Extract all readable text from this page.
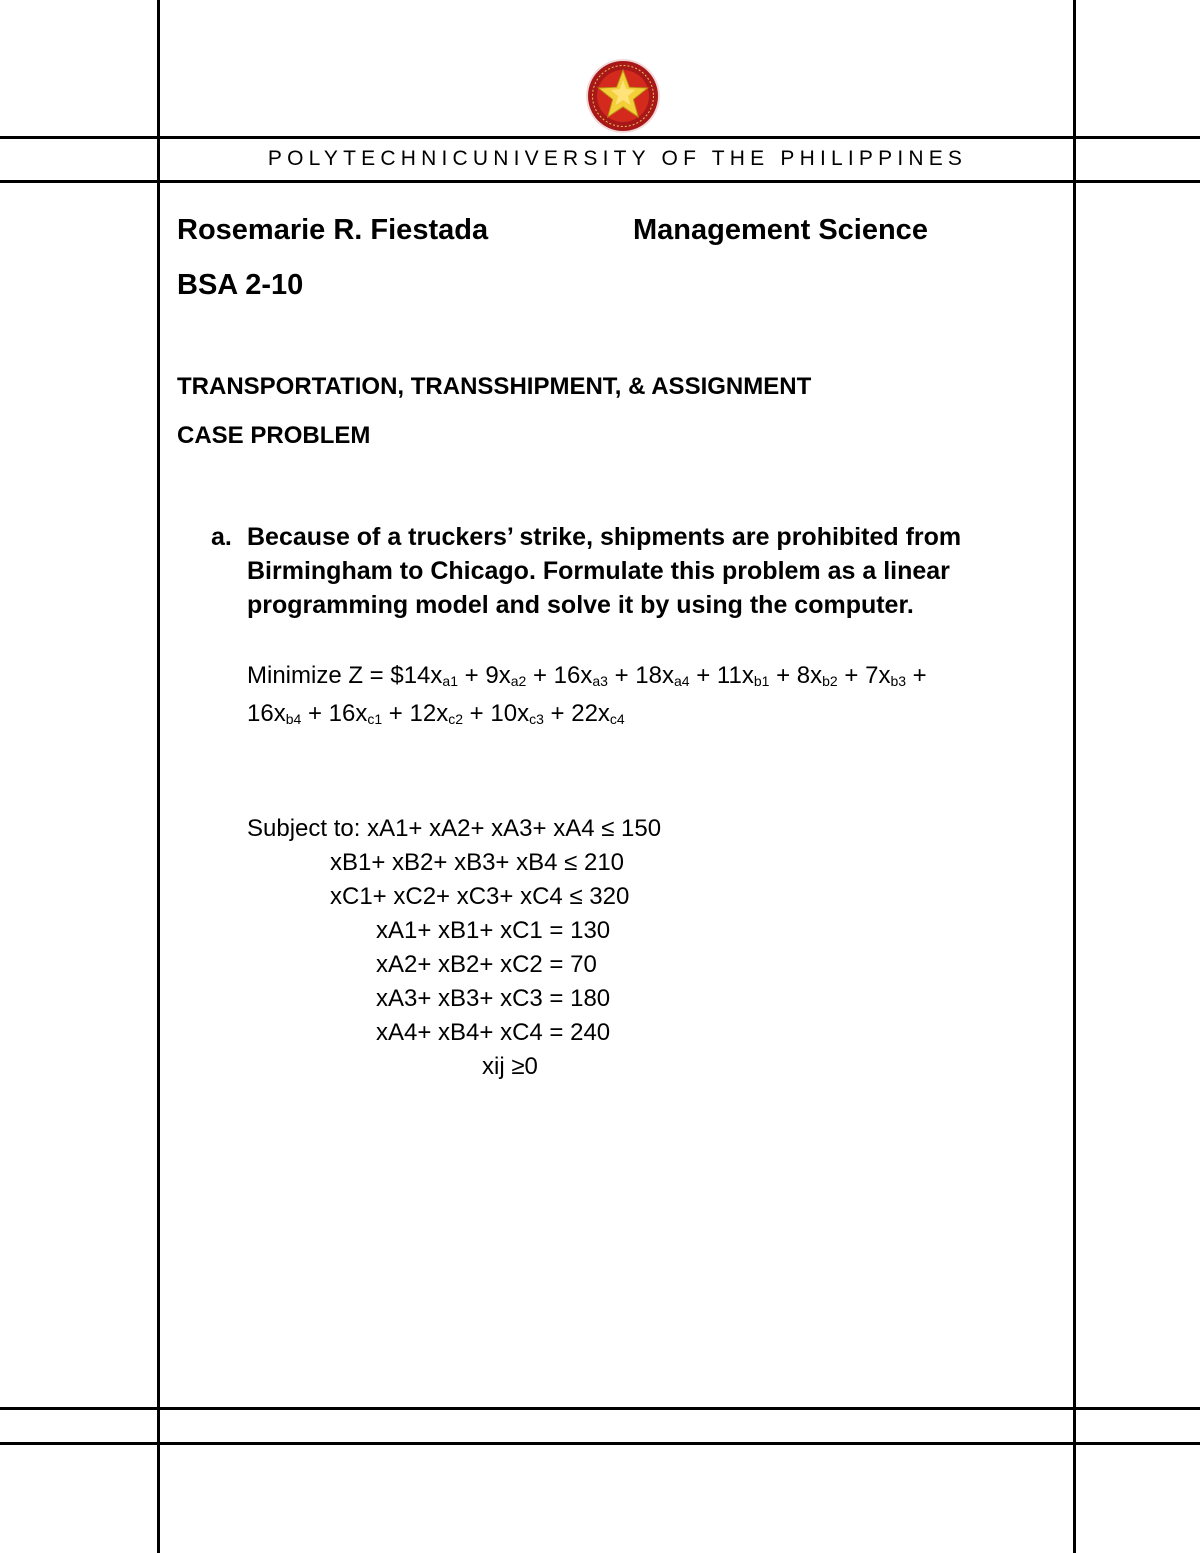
POLYTECHNICUNIVERSITY OF THE PHILIPPINES
Rosemarie R. Fiestada	Management Science
BSA 2-10
TRANSPORTATION, TRANSSHIPMENT, & ASSIGNMENT
CASE PROBLEM
a. Because of a truckers’ strike, shipments are prohibited from
Birmingham to Chicago. Formulate this problem as a linear
programming model and solve it by using the computer.
Minimize $Z = \$14x_{a1} + 9x_{a2} + 16x_{a3} + 18x_{a4} + 11x_{b1} + 8x_{b2} + 7x_{b3}$ +
$16x_{b4} + 16x_{c1} + 12x_{c2} + 10x_{c3} + 22x_{c4}$
Subject to: xA1+ xA2+ xA3+ xA4 ≤ 150
xB1+ xB2+ xB3+ xB4 ≤ 210
xC1+ xC2+ xC3+ xC4 ≤ 320
xA1+ xB1+ xC1 = 130
xA2+ xB2+ xC2 = 70
xA3+ xB3+ xC3 = 180
xA4+ xB4+ xC4 = 240
xij ≥0
